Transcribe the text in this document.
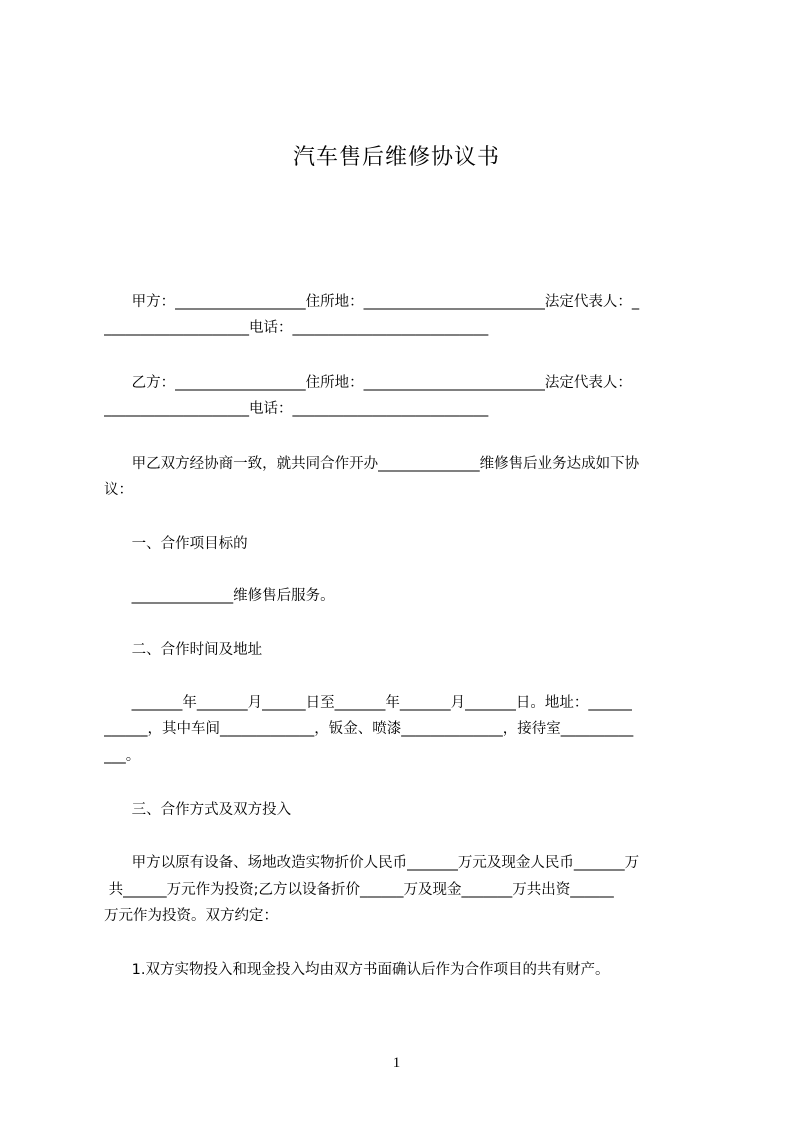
汽车售后维修协议书
甲方：__________________住所地：_________________________法定代表人：_
____________________电话：___________________________
乙方：__________________住所地：_________________________法定代表人：
____________________电话：___________________________
甲乙双方经协商一致，就共同合作开办______________维修售后业务达成如下协
议：
一、合作项目标的
______________维修售后服务。
二、合作时间及地址
_______年_______月______日至_______年_______月_______日。地址：______
______，其中车间_____________，钣金、喷漆______________，接待室__________
___。
三、合作方式及双方投入
甲方以原有设备、场地改造实物折价人民币_______万元及现金人民币_______万
共______万元作为投资;乙方以设备折价______万及现金_______万共出资______
万元作为投资。双方约定：
1.双方实物投入和现金投入均由双方书面确认后作为合作项目的共有财产。
1
